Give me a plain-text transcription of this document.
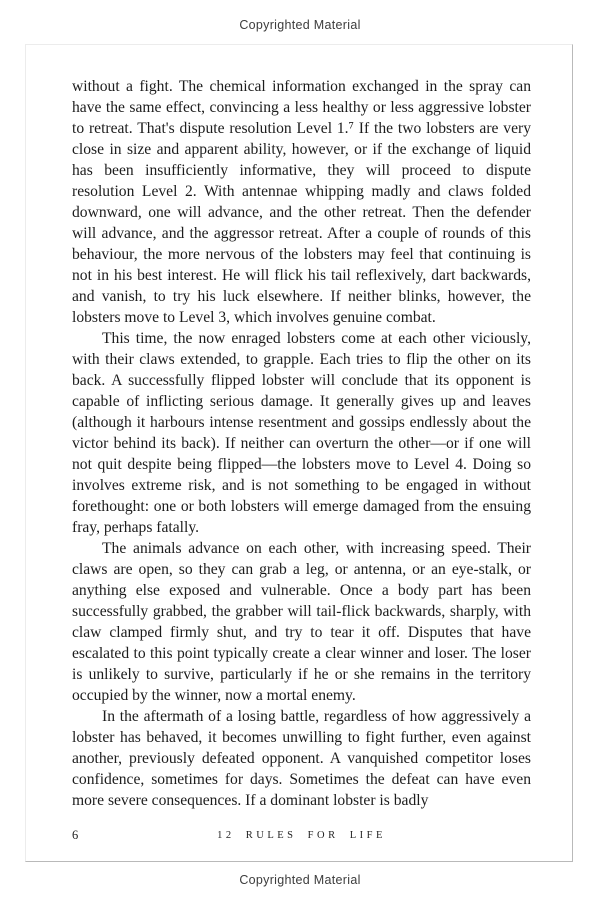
Copyrighted Material

without a fight. The chemical information exchanged in the spray can have the same effect, convincing a less healthy or less aggressive lobster to retreat. That's dispute resolution Level 1.⁷ If the two lobsters are very close in size and apparent ability, however, or if the exchange of liquid has been insufficiently informative, they will proceed to dispute resolution Level 2. With antennae whipping madly and claws folded downward, one will advance, and the other retreat. Then the defender will advance, and the aggressor retreat. After a couple of rounds of this behaviour, the more nervous of the lobsters may feel that continuing is not in his best interest. He will flick his tail reflexively, dart backwards, and vanish, to try his luck elsewhere. If neither blinks, however, the lobsters move to Level 3, which involves genuine combat.

This time, the now enraged lobsters come at each other viciously, with their claws extended, to grapple. Each tries to flip the other on its back. A successfully flipped lobster will conclude that its opponent is capable of inflicting serious damage. It generally gives up and leaves (although it harbours intense resentment and gossips endlessly about the victor behind its back). If neither can overturn the other—or if one will not quit despite being flipped—the lobsters move to Level 4. Doing so involves extreme risk, and is not something to be engaged in without forethought: one or both lobsters will emerge damaged from the ensuing fray, perhaps fatally.

The animals advance on each other, with increasing speed. Their claws are open, so they can grab a leg, or antenna, or an eye-stalk, or anything else exposed and vulnerable. Once a body part has been successfully grabbed, the grabber will tail-flick backwards, sharply, with claw clamped firmly shut, and try to tear it off. Disputes that have escalated to this point typically create a clear winner and loser. The loser is unlikely to survive, particularly if he or she remains in the territory occupied by the winner, now a mortal enemy.

In the aftermath of a losing battle, regardless of how aggressively a lobster has behaved, it becomes unwilling to fight further, even against another, previously defeated opponent. A vanquished competitor loses confidence, sometimes for days. Sometimes the defeat can have even more severe consequences. If a dominant lobster is badly

6	12 RULES FOR LIFE
Copyrighted Material
